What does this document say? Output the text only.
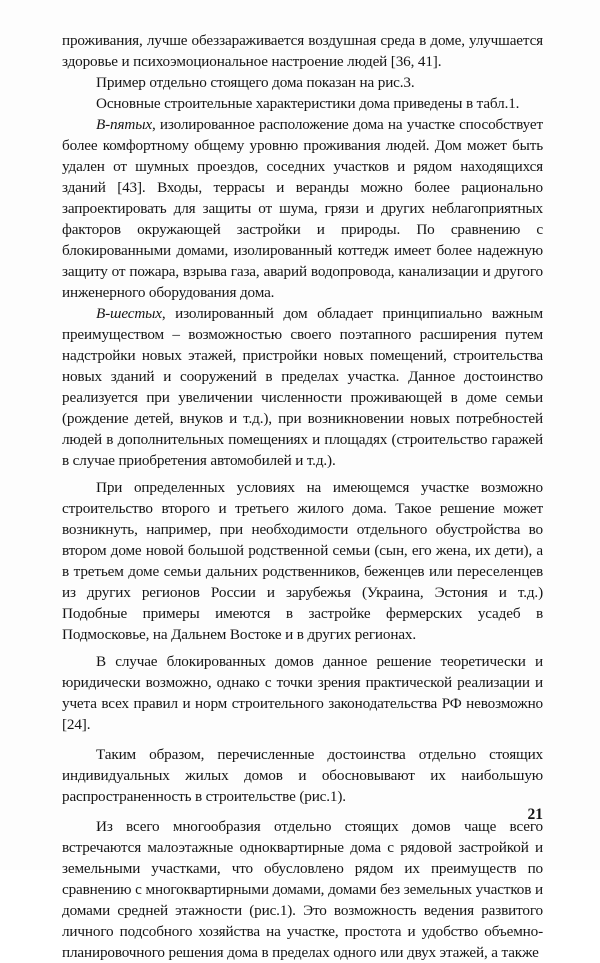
проживания, лучше обеззараживается воздушная среда в доме, улучшается здоровье и психоэмоциональное настроение людей [36, 41].

Пример отдельно стоящего дома показан на рис.3.

Основные строительные характеристики дома приведены в табл.1.

В-пятых, изолированное расположение дома на участке способствует более комфортному общему уровню проживания людей. Дом может быть удален от шумных проездов, соседних участков и рядом находящихся зданий [43]. Входы, террасы и веранды можно более рационально запроектировать для защиты от шума, грязи и других неблагоприятных факторов окружающей застройки и природы. По сравнению с блокированными домами, изолированный коттедж имеет более надежную защиту от пожара, взрыва газа, аварий водопровода, канализации и другого инженерного оборудования дома.

В-шестых, изолированный дом обладает принципиально важным преимуществом – возможностью своего поэтапного расширения путем надстройки новых этажей, пристройки новых помещений, строительства новых зданий и сооружений в пределах участка. Данное достоинство реализуется при увеличении численности проживающей в доме семьи (рождение детей, внуков и т.д.), при возникновении новых потребностей людей в дополнительных помещениях и площадях (строительство гаражей в случае приобретения автомобилей и т.д.).

При определенных условиях на имеющемся участке возможно строительство второго и третьего жилого дома. Такое решение может возникнуть, например, при необходимости отдельного обустройства во втором доме новой большой родственной семьи (сын, его жена, их дети), а в третьем доме семьи дальних родственников, беженцев или переселенцев из других регионов России и зарубежья (Украина, Эстония и т.д.) Подобные примеры имеются в застройке фермерских усадеб в Подмосковье, на Дальнем Востоке и в других регионах.

В случае блокированных домов данное решение теоретически и юридически возможно, однако с точки зрения практической реализации и учета всех правил и норм строительного законодательства РФ невозможно [24].

Таким образом, перечисленные достоинства отдельно стоящих индивидуальных жилых домов и обосновывают их наибольшую распространенность в строительстве (рис.1).

Из всего многообразия отдельно стоящих домов чаще всего встречаются малоэтажные одноквартирные дома с рядовой застройкой и земельными участками, что обусловлено рядом их преимуществ по сравнению с многоквартирными домами, домами без земельных участков и домами средней этажности (рис.1). Это возможность ведения развитого личного подсобного хозяйства на участке, простота и удобство объемно-планировочного решения дома в пределах одного или двух этажей, а также

21
